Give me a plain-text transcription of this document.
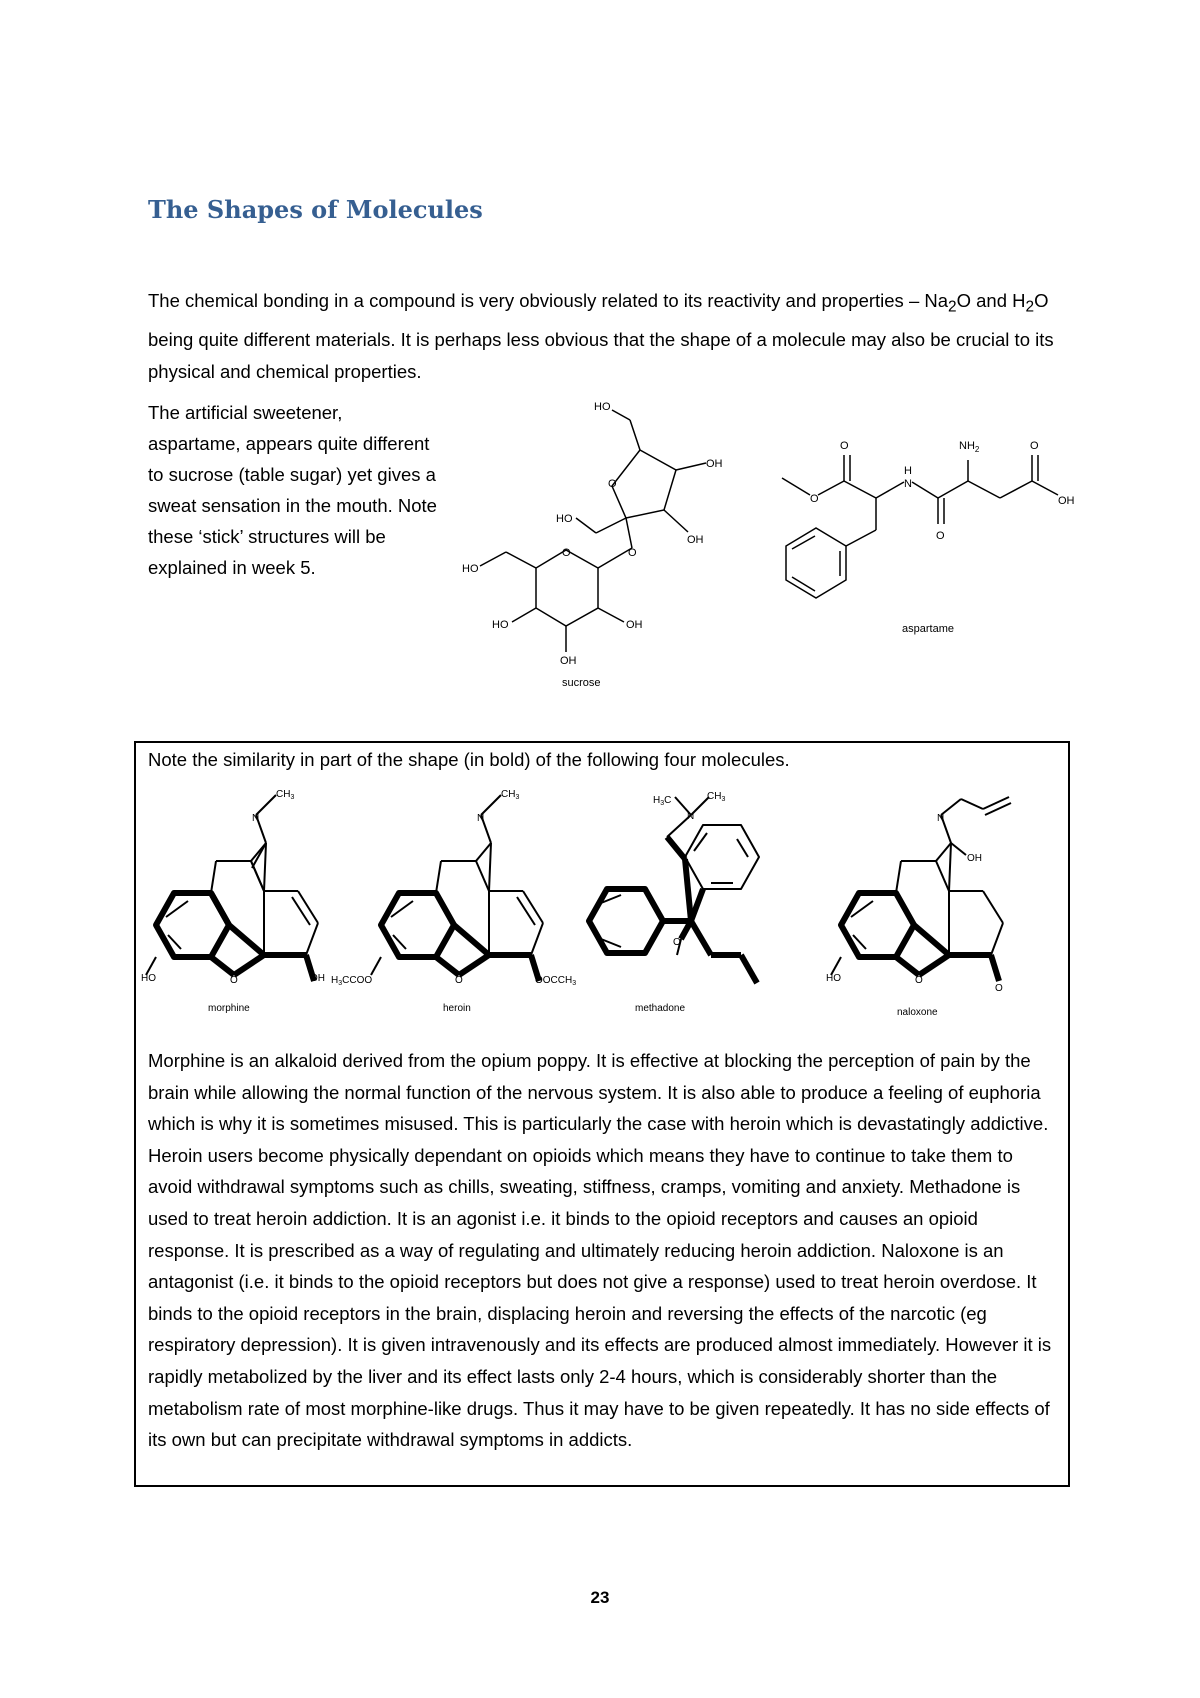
The Shapes of Molecules

The chemical bonding in a compound is very obviously related to its reactivity and properties – $Na_2O$ and $H_2O$ being quite different materials. It is perhaps less obvious that the shape of a molecule may also be crucial to its physical and chemical properties.

The artificial sweetener, aspartame, appears quite different to sucrose (table sugar) yet gives a sweat sensation in the mouth. Note these ‘stick’ structures will be explained in week 5.

HO
OH
O
HO
OH
O
O
HO
HO	OH
OH
sucrose
O
O
N
H
$NH_2$
O
O
OH
aspartame

Note the similarity in part of the shape (in bold) of the following four molecules.

N
$CH_3$
O
HO	OH
morphine
N
$CH_3$
O
$H_3CCOO$	$OOCCH_3$
heroin
N
$H_3C$	$CH_3$
O
methadone
N
OH
O
HO
O
naloxone

Morphine is an alkaloid derived from the opium poppy. It is effective at blocking the perception of pain by the brain while allowing the normal function of the nervous system. It is also able to produce a feeling of euphoria which is why it is sometimes misused. This is particularly the case with heroin which is devastatingly addictive. Heroin users become physically dependant on opioids which means they have to continue to take them to avoid withdrawal symptoms such as chills, sweating, stiffness, cramps, vomiting and anxiety. Methadone is used to treat heroin addiction. It is an agonist i.e. it binds to the opioid receptors and causes an opioid response. It is prescribed as a way of regulating and ultimately reducing heroin addiction. Naloxone is an antagonist (i.e. it binds to the opioid receptors but does not give a response) used to treat heroin overdose. It binds to the opioid receptors in the brain, displacing heroin and reversing the effects of the narcotic (eg respiratory depression). It is given intravenously and its effects are produced almost immediately. However it is rapidly metabolized by the liver and its effect lasts only 2-4 hours, which is considerably shorter than the metabolism rate of most morphine-like drugs. Thus it may have to be given repeatedly. It has no side effects of its own but can precipitate withdrawal symptoms in addicts.

23
